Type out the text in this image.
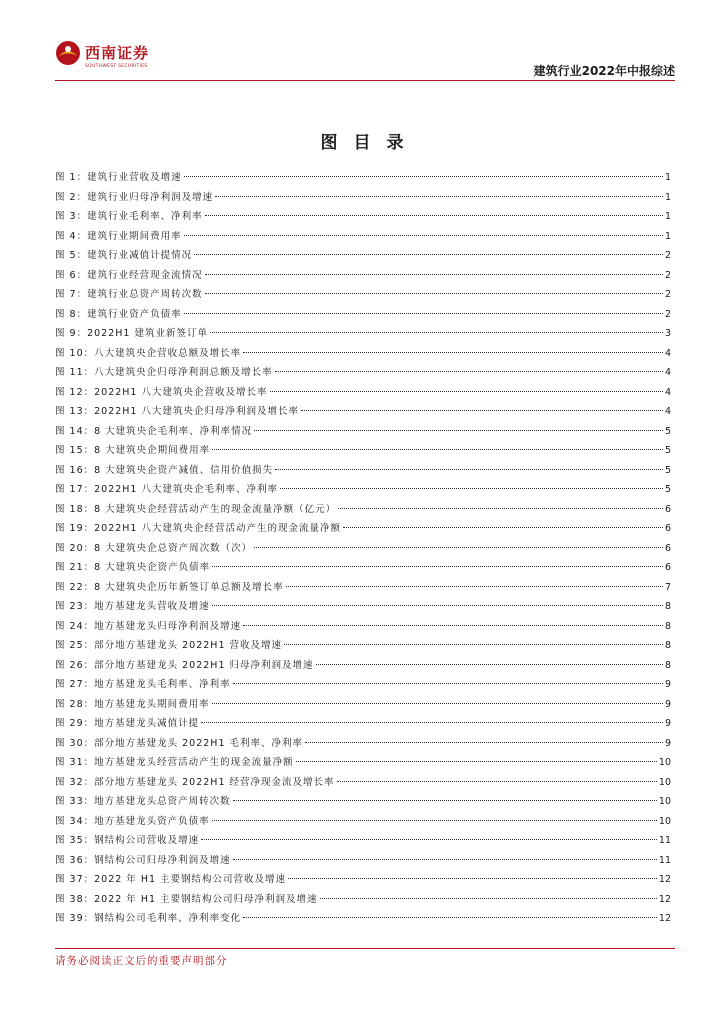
西南证券
SOUTHWEST SECURITIES	建筑行业2022年中报综述
图目录
图 1：建筑行业营收及增速	1
图 2：建筑行业归母净利润及增速	1
图 3：建筑行业毛利率、净利率	1
图 4：建筑行业期间费用率	1
图 5：建筑行业减值计提情况	2
图 6：建筑行业经营现金流情况	2
图 7：建筑行业总资产周转次数	2
图 8：建筑行业资产负债率	2
图 9：2022H1 建筑业新签订单	3
图 10：八大建筑央企营收总额及增长率	4
图 11：八大建筑央企归母净利润总额及增长率	4
图 12：2022H1 八大建筑央企营收及增长率	4
图 13：2022H1 八大建筑央企归母净利润及增长率	4
图 14：8 大建筑央企毛利率、净利率情况	5
图 15：8 大建筑央企期间费用率	5
图 16：8 大建筑央企资产减值、信用价值损失	5
图 17：2022H1 八大建筑央企毛利率、净利率	5
图 18：8 大建筑央企经营活动产生的现金流量净额（亿元）	6
图 19：2022H1 八大建筑央企经营活动产生的现金流量净额	6
图 20：8 大建筑央企总资产周次数（次）	6
图 21：8 大建筑央企资产负债率	6
图 22：8 大建筑央企历年新签订单总额及增长率	7
图 23：地方基建龙头营收及增速	8
图 24：地方基建龙头归母净利润及增速	8
图 25：部分地方基建龙头 2022H1 营收及增速	8
图 26：部分地方基建龙头 2022H1 归母净利润及增速	8
图 27：地方基建龙头毛利率、净利率	9
图 28：地方基建龙头期间费用率	9
图 29：地方基建龙头减值计提	9
图 30：部分地方基建龙头 2022H1 毛利率、净利率	9
图 31：地方基建龙头经营活动产生的现金流量净额	10
图 32：部分地方基建龙头 2022H1 经营净现金流及增长率	10
图 33：地方基建龙头总资产周转次数	10
图 34：地方基建龙头资产负债率	10
图 35：钢结构公司营收及增速	11
图 36：钢结构公司归母净利润及增速	11
图 37：2022 年 H1 主要钢结构公司营收及增速	12
图 38：2022 年 H1 主要钢结构公司归母净利润及增速	12
图 39：钢结构公司毛利率、净利率变化	12
请务必阅读正文后的重要声明部分
